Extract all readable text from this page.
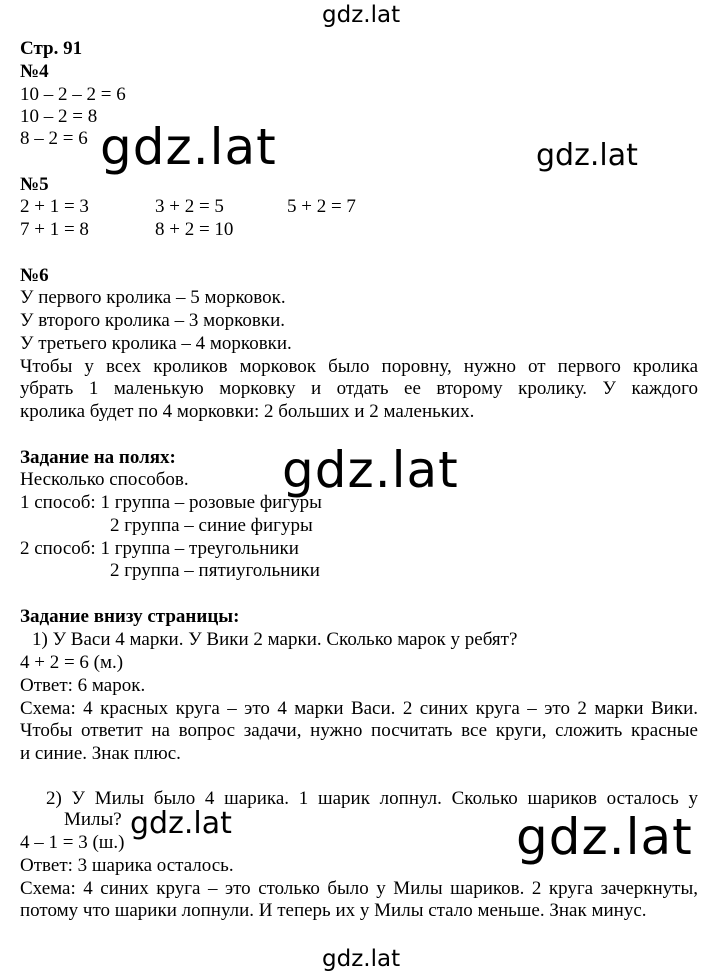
gdz.lat
gdz.lat	gdz.lat
gdz.lat
gdz.lat	gdz.lat
gdz.lat
Стр. 91
№4
10 – 2 – 2 = 6
10 – 2 = 8
8 – 2 = 6
№5
2 + 1 = 3	3 + 2 = 5	5 + 2 = 7
7 + 1 = 8	8 + 2 = 10
№6
У первого кролика – 5 морковок.
У второго кролика – 3 морковки.
У третьего кролика – 4 морковки.
Чтобы у всех кроликов морковок было поровну, нужно от первого кролика
убрать 1 маленькую морковку и отдать ее второму кролику. У каждого
кролика будет по 4 морковки: 2 больших и 2 маленьких.
Задание на полях:
Несколько способов.
1 способ: 1 группа – розовые фигуры
2 группа – синие фигуры
2 способ: 1 группа – треугольники
2 группа – пятиугольники
Задание внизу страницы:
1) У Васи 4 марки. У Вики 2 марки. Сколько марок у ребят?
4 + 2 = 6 (м.)
Ответ: 6 марок.
Схема: 4 красных круга – это 4 марки Васи. 2 синих круга – это 2 марки Вики.
Чтобы ответит на вопрос задачи, нужно посчитать все круги, сложить красные
и синие. Знак плюс.
2) У Милы было 4 шарика. 1 шарик лопнул. Сколько шариков осталось у
Милы?
4 – 1 = 3 (ш.)
Ответ: 3 шарика осталось.
Схема: 4 синих круга – это столько было у Милы шариков. 2 круга зачеркнуты,
потому что шарики лопнули. И теперь их у Милы стало меньше. Знак минус.
